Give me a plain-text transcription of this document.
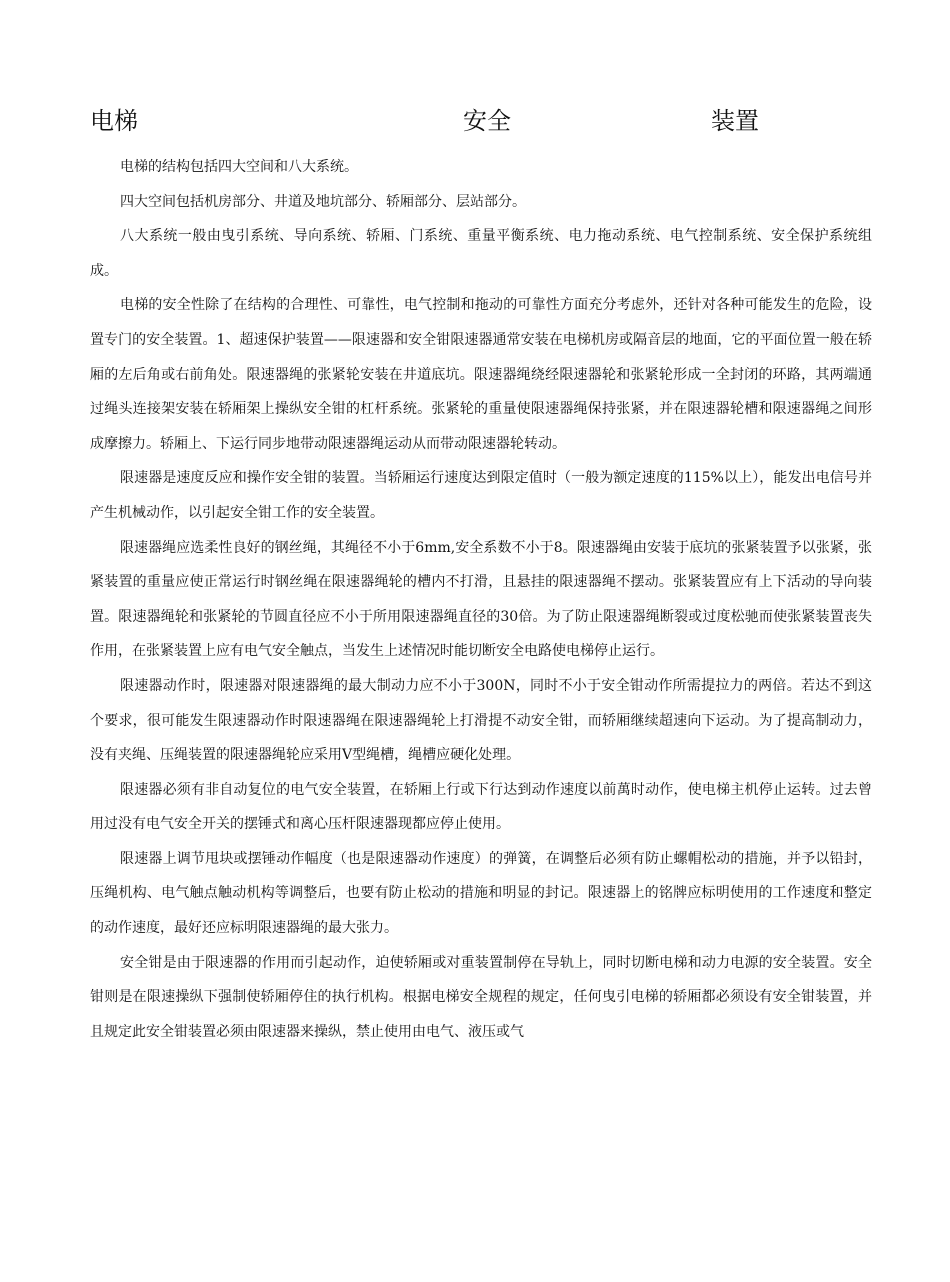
电梯	安全	装置

电梯的结构包括四大空间和八大系统。

四大空间包括机房部分、井道及地坑部分、轿厢部分、层站部分。

八大系统一般由曳引系统、导向系统、轿厢、门系统、重量平衡系统、电力拖动系统、电气控制系统、安全保护系统组成。

电梯的安全性除了在结构的合理性、可靠性，电气控制和拖动的可靠性方面充分考虑外，还针对各种可能发生的危险，设置专门的安全装置。1、超速保护装置——限速器和安全钳限速器通常安装在电梯机房或隔音层的地面，它的平面位置一般在轿厢的左后角或右前角处。限速器绳的张紧轮安装在井道底坑。限速器绳绕经限速器轮和张紧轮形成一全封闭的环路，其两端通过绳头连接架安装在轿厢架上操纵安全钳的杠杆系统。张紧轮的重量使限速器绳保持张紧，并在限速器轮槽和限速器绳之间形成摩擦力。轿厢上、下运行同步地带动限速器绳运动从而带动限速器轮转动。

限速器是速度反应和操作安全钳的装置。当轿厢运行速度达到限定值时（一般为额定速度的115%以上），能发出电信号并产生机械动作，以引起安全钳工作的安全装置。

限速器绳应选柔性良好的钢丝绳，其绳径不小于6mm,安全系数不小于8。限速器绳由安装于底坑的张紧装置予以张紧，张紧装置的重量应使正常运行时钢丝绳在限速器绳轮的槽内不打滑，且悬挂的限速器绳不摆动。张紧装置应有上下活动的导向装置。限速器绳轮和张紧轮的节圆直径应不小于所用限速器绳直径的30倍。为了防止限速器绳断裂或过度松驰而使张紧装置丧失作用，在张紧装置上应有电气安全触点，当发生上述情况时能切断安全电路使电梯停止运行。

限速器动作时，限速器对限速器绳的最大制动力应不小于300N，同时不小于安全钳动作所需提拉力的两倍。若达不到这个要求，很可能发生限速器动作时限速器绳在限速器绳轮上打滑提不动安全钳，而轿厢继续超速向下运动。为了提高制动力，没有夹绳、压绳装置的限速器绳轮应采用V型绳槽，绳槽应硬化处理。

限速器必须有非自动复位的电气安全装置，在轿厢上行或下行达到动作速度以前萬时动作，使电梯主机停止运转。过去曾用过没有电气安全开关的摆锤式和离心压杆限速器现都应停止使用。

限速器上调节甩块或摆锤动作幅度（也是限速器动作速度）的弹簧，在调整后必须有防止螺帽松动的措施，并予以铅封，压绳机构、电气触点触动机构等调整后，也要有防止松动的措施和明显的封记。限速器上的铭牌应标明使用的工作速度和整定的动作速度，最好还应标明限速器绳的最大张力。

安全钳是由于限速器的作用而引起动作，迫使轿厢或对重装置制停在导轨上，同时切断电梯和动力电源的安全装置。安全钳则是在限速操纵下强制使轿厢停住的执行机构。根据电梯安全规程的规定，任何曳引电梯的轿厢都必须设有安全钳装置，并且规定此安全钳装置必须由限速器来操纵，禁止使用由电气、液压或气
